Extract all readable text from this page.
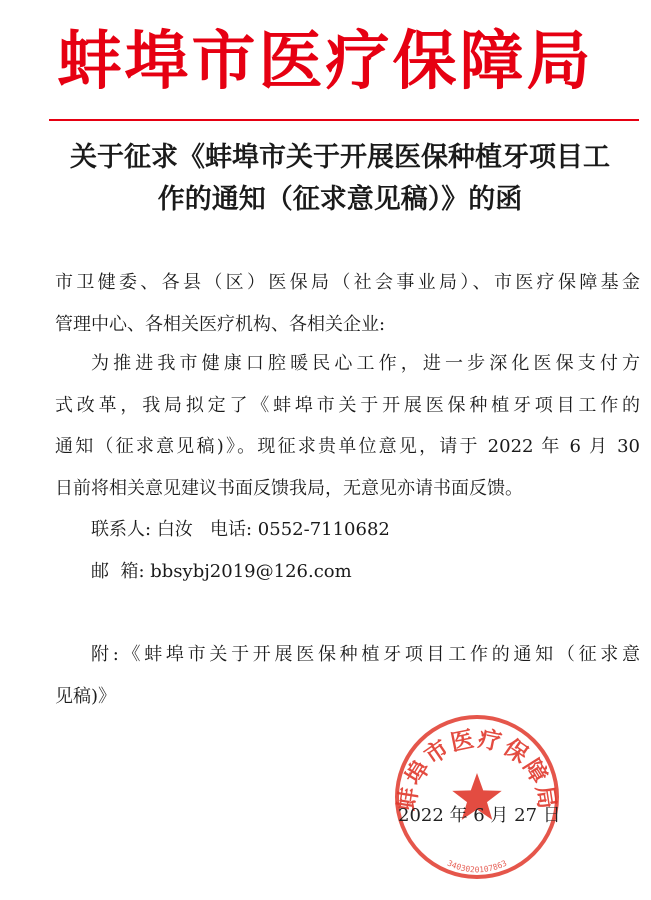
蚌埠市医疗保障局
关于征求《蚌埠市关于开展医保种植牙项目工
作的通知（征求意见稿）》的函
市卫健委、各县（区）医保局（社会事业局）、市医疗保障基金
管理中心、各相关医疗机构、各相关企业:
为推进我市健康口腔暖民心工作，进一步深化医保支付方
式改革，我局拟定了《蚌埠市关于开展医保种植牙项目工作的
通知（征求意见稿)》。现征求贵单位意见，请于 2022 年 6 月 30
日前将相关意见建议书面反馈我局，无意见亦请书面反馈。
联系人: 白汝 电话: 0552-7110682
邮  箱: bbsybj2019@126.com
附:《蚌埠市关于开展医保种植牙项目工作的通知（征求意
见稿)》
蚌埠市医疗保障局
3403020107863
2022 年 6 月 27 日
